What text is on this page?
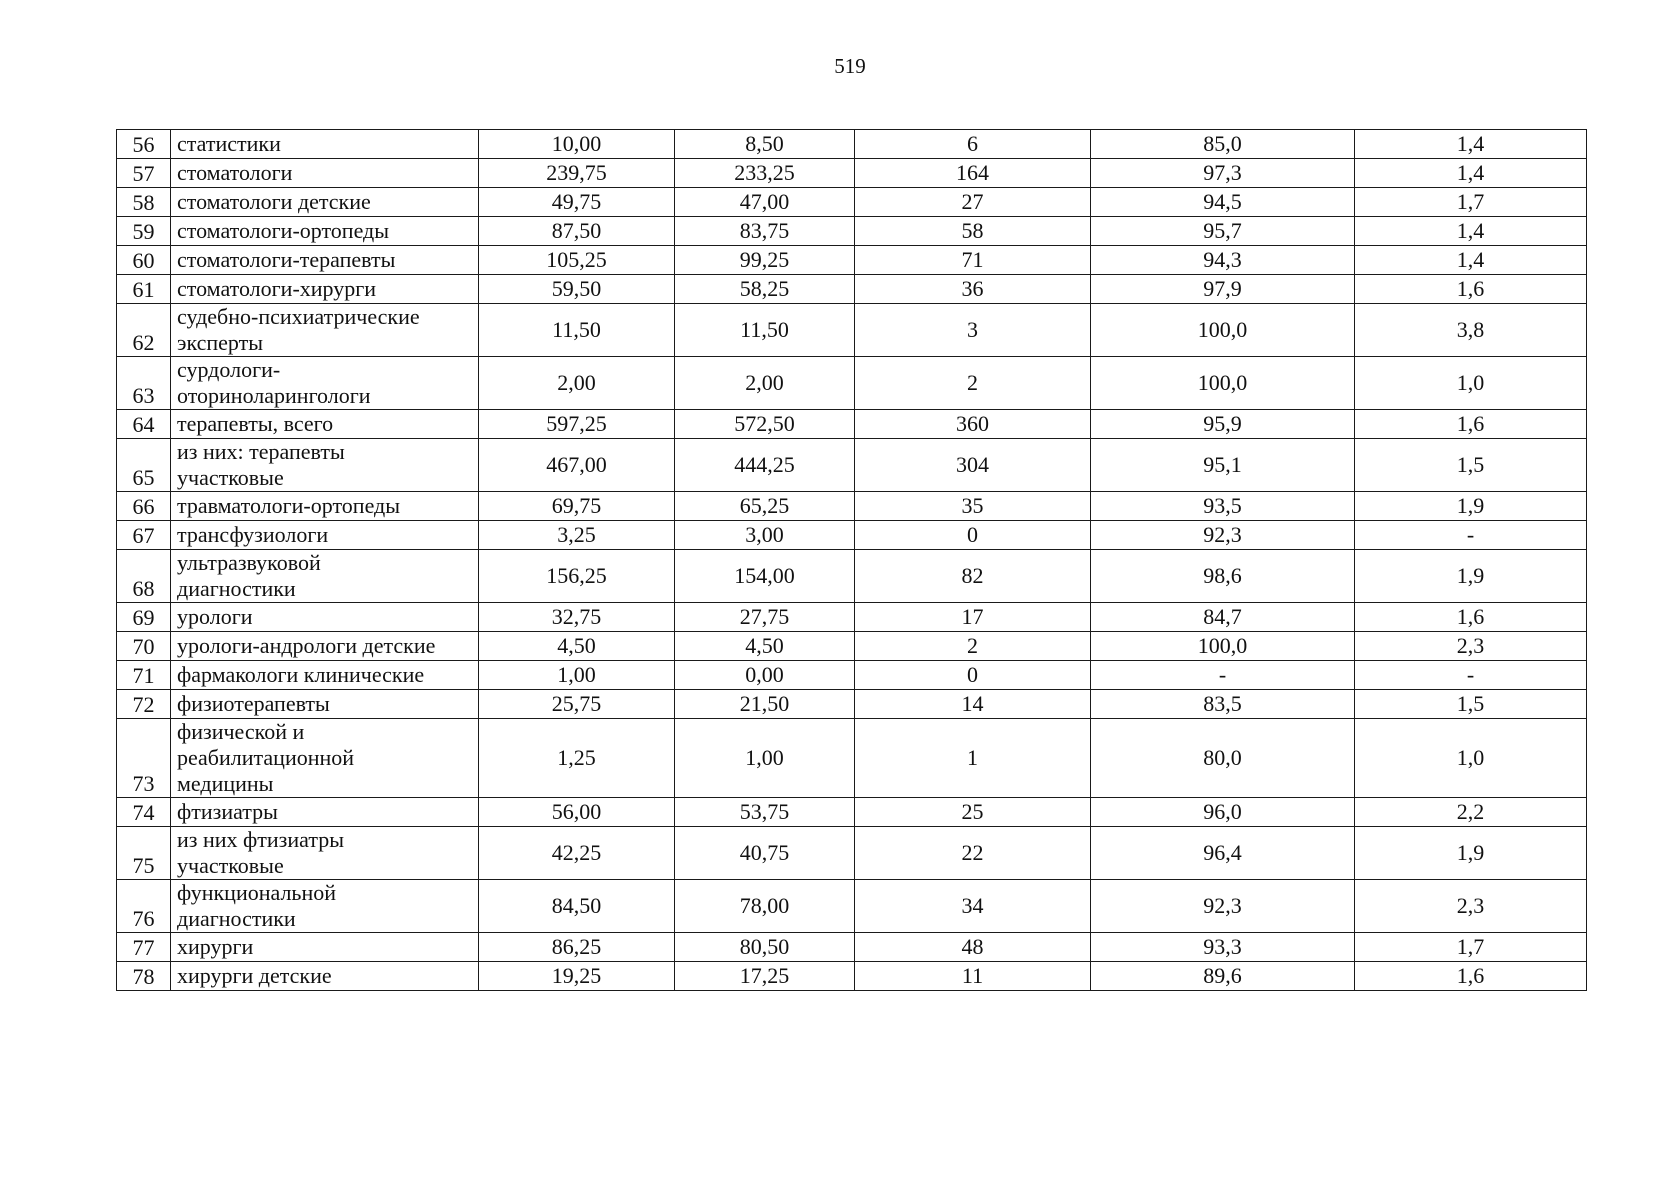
519
56	статистики	10,00	8,50	6	85,0	1,4
57	стоматологи	239,75	233,25	164	97,3	1,4
58	стоматологи детские	49,75	47,00	27	94,5	1,7
59	стоматологи-ортопеды	87,50	83,75	58	95,7	1,4
60	стоматологи-терапевты	105,25	99,25	71	94,3	1,4
61	стоматологи-хирурги	59,50	58,25	36	97,9	1,6
62	судебно-психиатрические
эксперты	11,50	11,50	3	100,0	3,8
63	сурдологи-
оториноларингологи	2,00	2,00	2	100,0	1,0
64	терапевты, всего	597,25	572,50	360	95,9	1,6
65	из них: терапевты
участковые	467,00	444,25	304	95,1	1,5
66	травматологи-ортопеды	69,75	65,25	35	93,5	1,9
67	трансфузиологи	3,25	3,00	0	92,3	-
68	ультразвуковой
диагностики	156,25	154,00	82	98,6	1,9
69	урологи	32,75	27,75	17	84,7	1,6
70	урологи-андрологи детские	4,50	4,50	2	100,0	2,3
71	фармакологи клинические	1,00	0,00	0	-	-
72	физиотерапевты	25,75	21,50	14	83,5	1,5
73	физической и
реабилитационной
медицины	1,25	1,00	1	80,0	1,0
74	фтизиатры	56,00	53,75	25	96,0	2,2
75	из них фтизиатры
участковые	42,25	40,75	22	96,4	1,9
76	функциональной
диагностики	84,50	78,00	34	92,3	2,3
77	хирурги	86,25	80,50	48	93,3	1,7
78	хирурги детские	19,25	17,25	11	89,6	1,6
